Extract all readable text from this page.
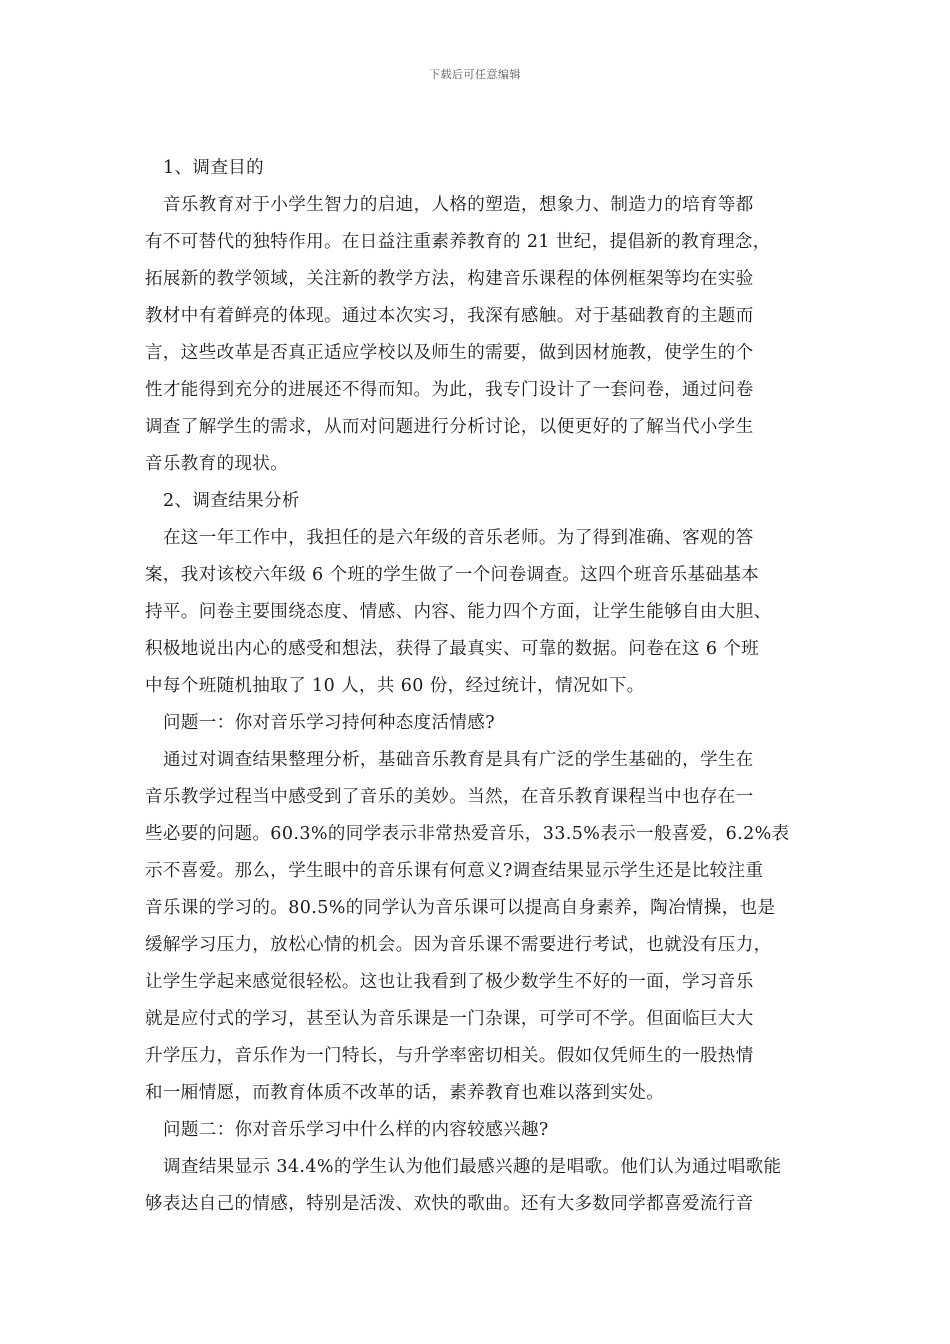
下载后可任意编辑
1、调查目的
音乐教育对于小学生智力的启迪，人格的塑造，想象力、制造力的培育等都
有不可替代的独特作用。在日益注重素养教育的 21 世纪，提倡新的教育理念，
拓展新的教学领域，关注新的教学方法，构建音乐课程的体例框架等均在实验
教材中有着鲜亮的体现。通过本次实习，我深有感触。对于基础教育的主题而
言，这些改革是否真正适应学校以及师生的需要，做到因材施教，使学生的个
性才能得到充分的进展还不得而知。为此，我专门设计了一套问卷，通过问卷
调查了解学生的需求，从而对问题进行分析讨论，以便更好的了解当代小学生
音乐教育的现状。
2、调查结果分析
在这一年工作中，我担任的是六年级的音乐老师。为了得到准确、客观的答
案，我对该校六年级 6 个班的学生做了一个问卷调查。这四个班音乐基础基本
持平。问卷主要围绕态度、情感、内容、能力四个方面，让学生能够自由大胆、
积极地说出内心的感受和想法，获得了最真实、可靠的数据。问卷在这 6 个班
中每个班随机抽取了 10 人，共 60 份，经过统计，情况如下。
问题一：你对音乐学习持何种态度活情感?
通过对调查结果整理分析，基础音乐教育是具有广泛的学生基础的，学生在
音乐教学过程当中感受到了音乐的美妙。当然，在音乐教育课程当中也存在一
些必要的问题。60.3%的同学表示非常热爱音乐，33.5%表示一般喜爱，6.2%表
示不喜爱。那么，学生眼中的音乐课有何意义?调查结果显示学生还是比较注重
音乐课的学习的。80.5%的同学认为音乐课可以提高自身素养，陶冶情操，也是
缓解学习压力，放松心情的机会。因为音乐课不需要进行考试，也就没有压力，
让学生学起来感觉很轻松。这也让我看到了极少数学生不好的一面，学习音乐
就是应付式的学习，甚至认为音乐课是一门杂课，可学可不学。但面临巨大大
升学压力，音乐作为一门特长，与升学率密切相关。假如仅凭师生的一股热情
和一厢情愿，而教育体质不改革的话，素养教育也难以落到实处。
问题二：你对音乐学习中什么样的内容较感兴趣?
调查结果显示 34.4%的学生认为他们最感兴趣的是唱歌。他们认为通过唱歌能
够表达自己的情感，特别是活泼、欢快的歌曲。还有大多数同学都喜爱流行音
